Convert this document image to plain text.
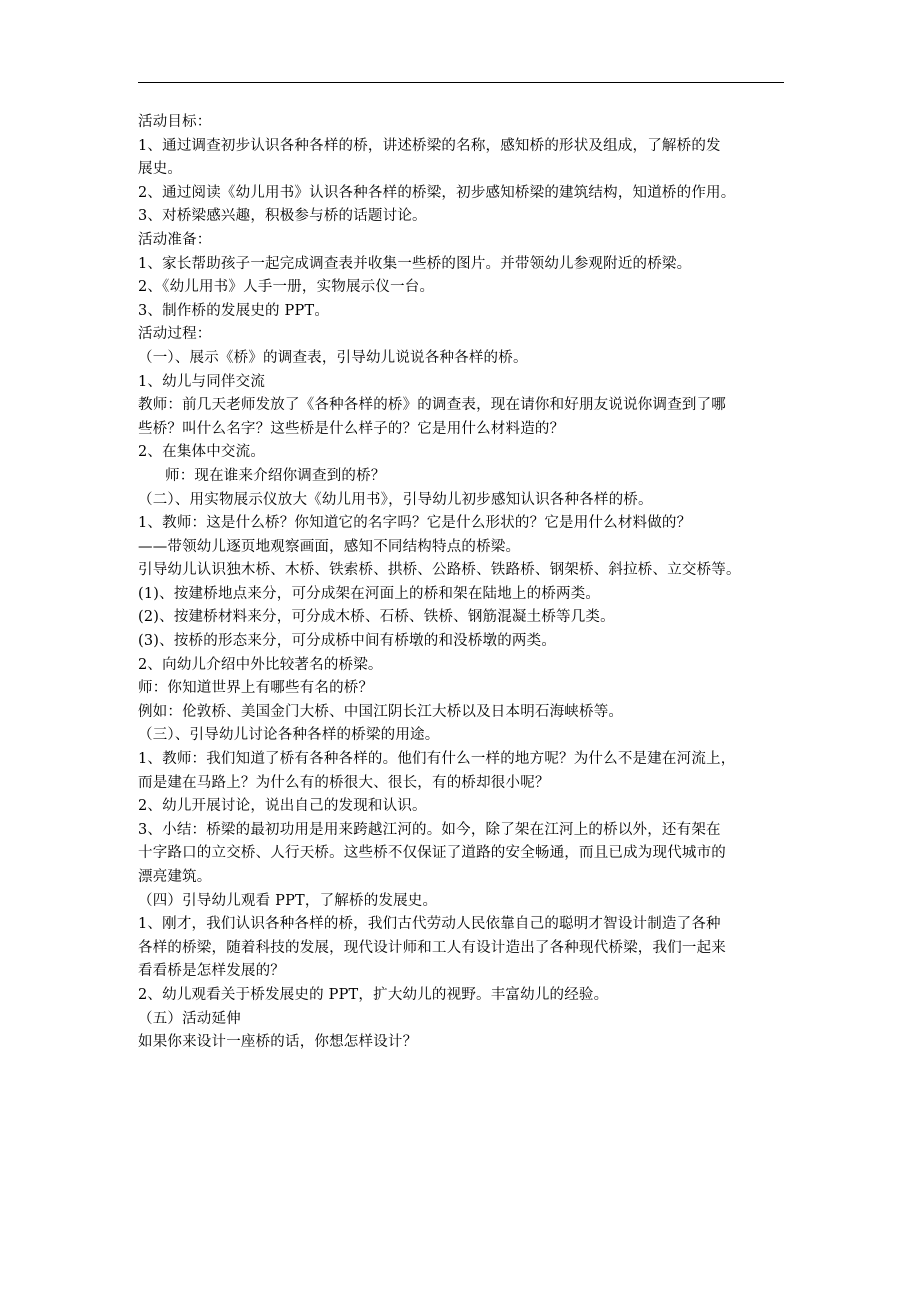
活动目标：
1、通过调查初步认识各种各样的桥，讲述桥梁的名称，感知桥的形状及组成，了解桥的发
展史。
2、通过阅读《幼儿用书》认识各种各样的桥梁，初步感知桥梁的建筑结构，知道桥的作用。
3、对桥梁感兴趣，积极参与桥的话题讨论。
活动准备：
1、家长帮助孩子一起完成调查表并收集一些桥的图片。并带领幼儿参观附近的桥梁。
2、《幼儿用书》人手一册，实物展示仪一台。
3、制作桥的发展史的 PPT。
活动过程：
（一）、展示《桥》的调查表，引导幼儿说说各种各样的桥。
1、幼儿与同伴交流
教师：前几天老师发放了《各种各样的桥》的调查表，现在请你和好朋友说说你调查到了哪
些桥？叫什么名字？这些桥是什么样子的？它是用什么材料造的？
2、在集体中交流。
师：现在谁来介绍你调查到的桥？
（二）、用实物展示仪放大《幼儿用书》，引导幼儿初步感知认识各种各样的桥。
1、教师：这是什么桥？你知道它的名字吗？它是什么形状的？它是用什么材料做的？
——带领幼儿逐页地观察画面，感知不同结构特点的桥梁。
引导幼儿认识独木桥、木桥、铁索桥、拱桥、公路桥、铁路桥、钢架桥、斜拉桥、立交桥等。
(1)、按建桥地点来分，可分成架在河面上的桥和架在陆地上的桥两类。
(2)、按建桥材料来分，可分成木桥、石桥、铁桥、钢筋混凝土桥等几类。
(3)、按桥的形态来分，可分成桥中间有桥墩的和没桥墩的两类。
2、向幼儿介绍中外比较著名的桥梁。
师：你知道世界上有哪些有名的桥？
例如：伦敦桥、美国金门大桥、中国江阴长江大桥以及日本明石海峡桥等。
（三）、引导幼儿讨论各种各样的桥梁的用途。
1、教师：我们知道了桥有各种各样的。他们有什么一样的地方呢？为什么不是建在河流上，
而是建在马路上？为什么有的桥很大、很长，有的桥却很小呢？
2、幼儿开展讨论，说出自己的发现和认识。
3、小结：桥梁的最初功用是用来跨越江河的。如今，除了架在江河上的桥以外，还有架在
十字路口的立交桥、人行天桥。这些桥不仅保证了道路的安全畅通，而且已成为现代城市的
漂亮建筑。
（四）引导幼儿观看 PPT，了解桥的发展史。
1、刚才，我们认识各种各样的桥，我们古代劳动人民依靠自己的聪明才智设计制造了各种
各样的桥梁，随着科技的发展，现代设计师和工人有设计造出了各种现代桥梁，我们一起来
看看桥是怎样发展的？
2、幼儿观看关于桥发展史的 PPT，扩大幼儿的视野。丰富幼儿的经验。
（五）活动延伸
如果你来设计一座桥的话，你想怎样设计？
